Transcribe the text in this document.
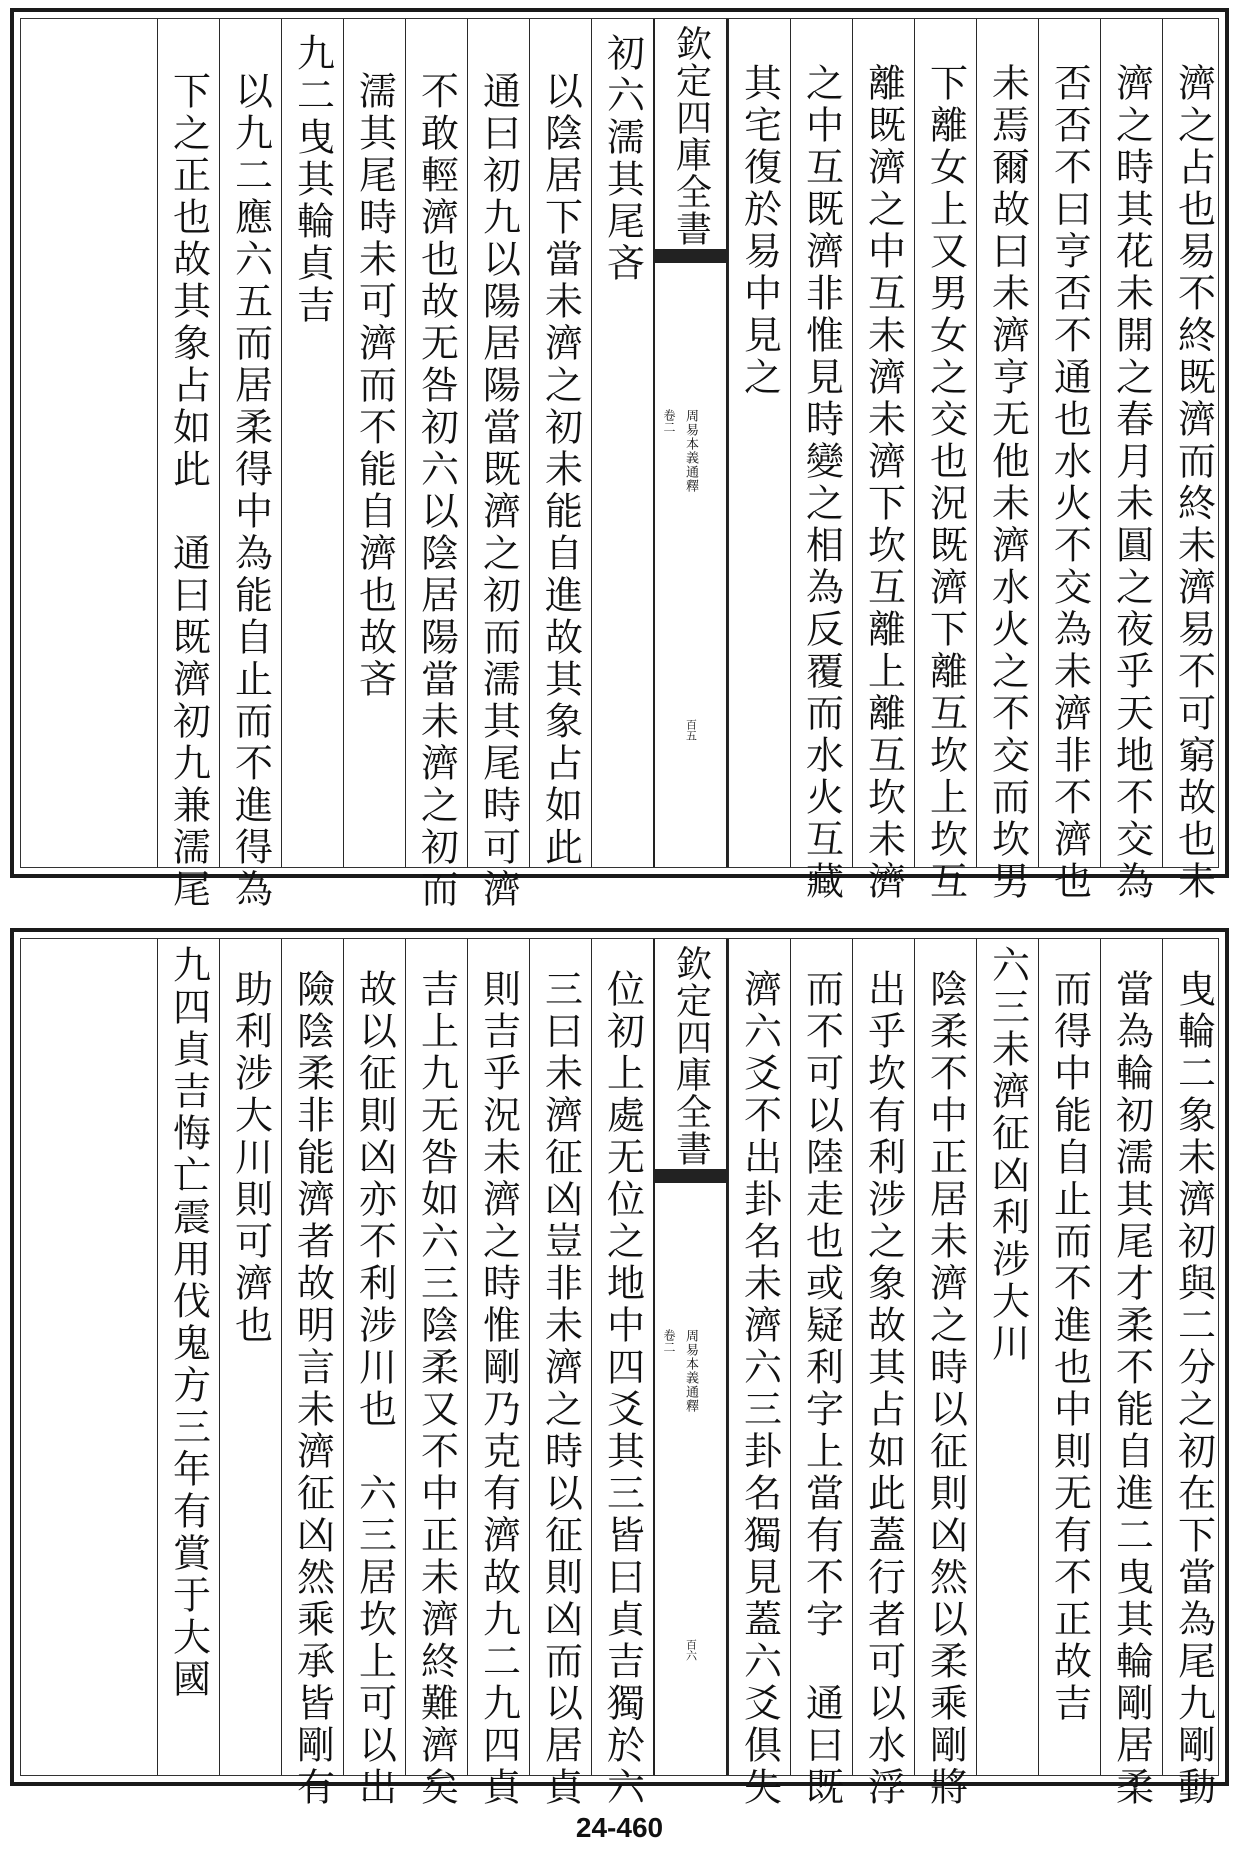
濟之占也易不終既濟而終未濟易不可窮故也未
濟之時其花未開之春月未圓之夜乎天地不交為
否否不曰亨否不通也水火不交為未濟非不濟也
未焉爾故曰未濟亨无他未濟水火之不交而坎男
下離女上又男女之交也況既濟下離互坎上坎互
離既濟之中互未濟未濟下坎互離上離互坎未濟
之中互既濟非惟見時變之相為反覆而水火互藏
其宅復於易中見之
欽定四庫全書
周易本義通釋
卷二
百五
初六濡其尾吝
以陰居下當未濟之初未能自進故其象占如此
通曰初九以陽居陽當既濟之初而濡其尾時可濟
不敢輕濟也故无咎初六以陰居陽當未濟之初而
濡其尾時未可濟而不能自濟也故吝
九二曳其輪貞吉
以九二應六五而居柔得中為能自止而不進得為
下之正也故其象占如此　通曰既濟初九兼濡尾
曳輪二象未濟初與二分之初在下當為尾九剛動
當為輪初濡其尾才柔不能自進二曳其輪剛居柔
而得中能自止而不進也中則无有不正故吉
六三未濟征凶利涉大川
陰柔不中正居未濟之時以征則凶然以柔乘剛將
出乎坎有利涉之象故其占如此蓋行者可以水浮
而不可以陸走也或疑利字上當有不字　通曰既
濟六爻不出卦名未濟六三卦名獨見蓋六爻俱失
欽定四庫全書
周易本義通釋
卷二
百六
位初上處无位之地中四爻其三皆曰貞吉獨於六
三曰未濟征凶豈非未濟之時以征則凶而以居貞
則吉乎況未濟之時惟剛乃克有濟故九二九四貞
吉上九无咎如六三陰柔又不中正未濟終難濟矣
故以征則凶亦不利涉川也　六三居坎上可以出
險陰柔非能濟者故明言未濟征凶然乘承皆剛有
助利涉大川則可濟也
九四貞吉悔亡震用伐鬼方三年有賞于大國
24-460
